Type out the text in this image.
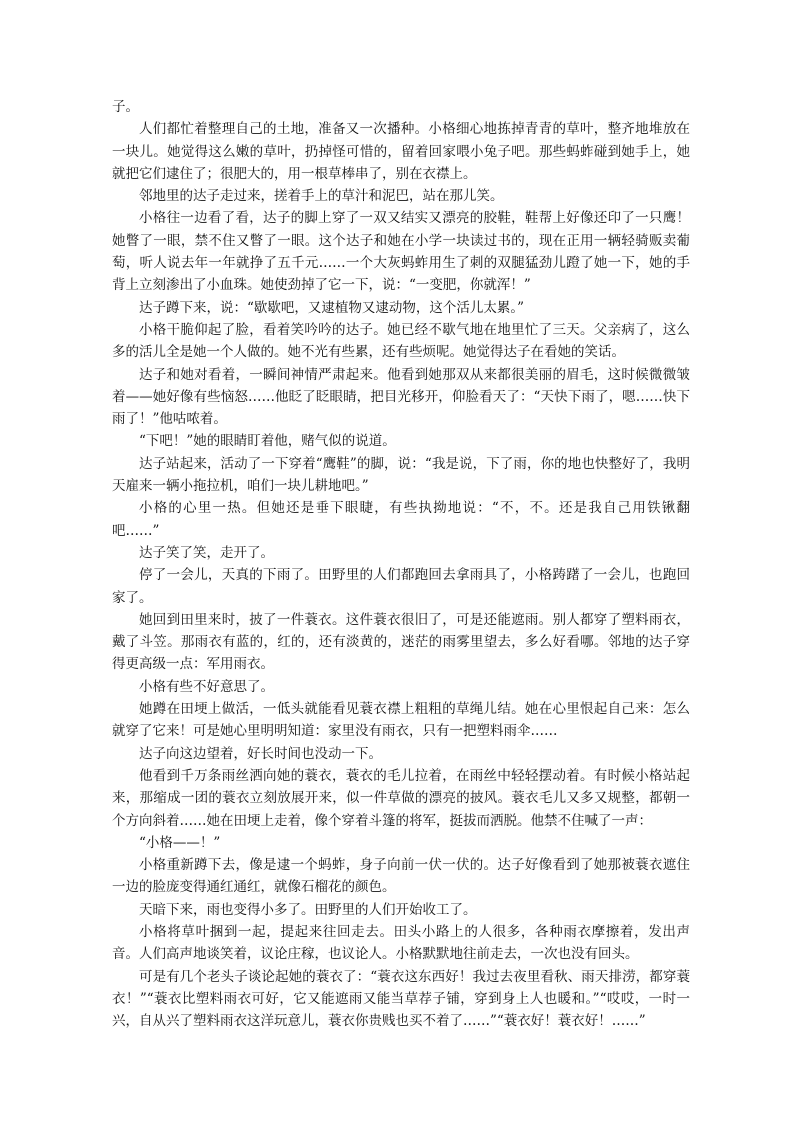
子。

人们都忙着整理自己的土地，准备又一次播种。小格细心地拣掉青青的草叶，整齐地堆放在一块儿。她觉得这么嫩的草叶，扔掉怪可惜的，留着回家喂小兔子吧。那些蚂蚱碰到她手上，她就把它们逮住了；很肥大的，用一根草棒串了，别在衣襟上。

邻地里的达子走过来，搓着手上的草汁和泥巴，站在那儿笑。

小格往一边看了看，达子的脚上穿了一双又结实又漂亮的胶鞋，鞋帮上好像还印了一只鹰！她瞥了一眼，禁不住又瞥了一眼。这个达子和她在小学一块读过书的，现在正用一辆轻骑贩卖葡萄，听人说去年一年就挣了五千元……一个大灰蚂蚱用生了刺的双腿猛劲儿蹬了她一下，她的手背上立刻渗出了小血珠。她使劲掉了它一下，说：“一变肥，你就浑！”

达子蹲下来，说：“歇歇吧，又逮植物又逮动物，这个活儿太累。”

小格干脆仰起了脸，看着笑吟吟的达子。她已经不歇气地在地里忙了三天。父亲病了，这么多的活儿全是她一个人做的。她不光有些累，还有些烦呢。她觉得达子在看她的笑话。

达子和她对看着，一瞬间神情严肃起来。他看到她那双从来都很美丽的眉毛，这时候微微皱着——她好像有些恼怒……他眨了眨眼睛，把目光移开，仰脸看天了：“天快下雨了，嗯……快下雨了！”他咕哝着。

“下吧！”她的眼睛盯着他，赌气似的说道。

达子站起来，活动了一下穿着“鹰鞋”的脚，说：“我是说，下了雨，你的地也快整好了，我明天雇来一辆小拖拉机，咱们一块儿耕地吧。”

小格的心里一热。但她还是垂下眼睫，有些执拗地说：“不，不。还是我自己用铁锹翻吧……”

达子笑了笑，走开了。

停了一会儿，天真的下雨了。田野里的人们都跑回去拿雨具了，小格踌躇了一会儿，也跑回家了。

她回到田里来时，披了一件蓑衣。这件蓑衣很旧了，可是还能遮雨。别人都穿了塑料雨衣，戴了斗笠。那雨衣有蓝的，红的，还有淡黄的，迷茫的雨雾里望去，多么好看哪。邻地的达子穿得更高级一点：军用雨衣。

小格有些不好意思了。

她蹲在田埂上做活，一低头就能看见蓑衣襟上粗粗的草绳儿结。她在心里恨起自己来：怎么就穿了它来！可是她心里明明知道：家里没有雨衣，只有一把塑料雨伞……

达子向这边望着，好长时间也没动一下。

他看到千万条雨丝洒向她的蓑衣，蓑衣的毛儿拉着，在雨丝中轻轻摆动着。有时候小格站起来，那缩成一团的蓑衣立刻放展开来，似一件草做的漂亮的披风。蓑衣毛儿又多又规整，都朝一个方向斜着……她在田埂上走着，像个穿着斗篷的将军，挺拔而洒脱。他禁不住喊了一声：

“小格——！”

小格重新蹲下去，像是逮一个蚂蚱，身子向前一伏一伏的。达子好像看到了她那被蓑衣遮住一边的脸庞变得通红通红，就像石榴花的颜色。

天暗下来，雨也变得小多了。田野里的人们开始收工了。

小格将草叶捆到一起，提起来往回走去。田头小路上的人很多，各种雨衣摩擦着，发出声音。人们高声地谈笑着，议论庄稼，也议论人。小格默默地往前走去，一次也没有回头。

可是有几个老头子谈论起她的蓑衣了：“蓑衣这东西好！我过去夜里看秋、雨天排涝，都穿蓑衣！”“蓑衣比塑料雨衣可好，它又能遮雨又能当草荐子铺，穿到身上人也暖和。”“哎哎，一时一兴，自从兴了塑料雨衣这洋玩意儿，蓑衣你贵贱也买不着了……”“蓑衣好！蓑衣好！……”
